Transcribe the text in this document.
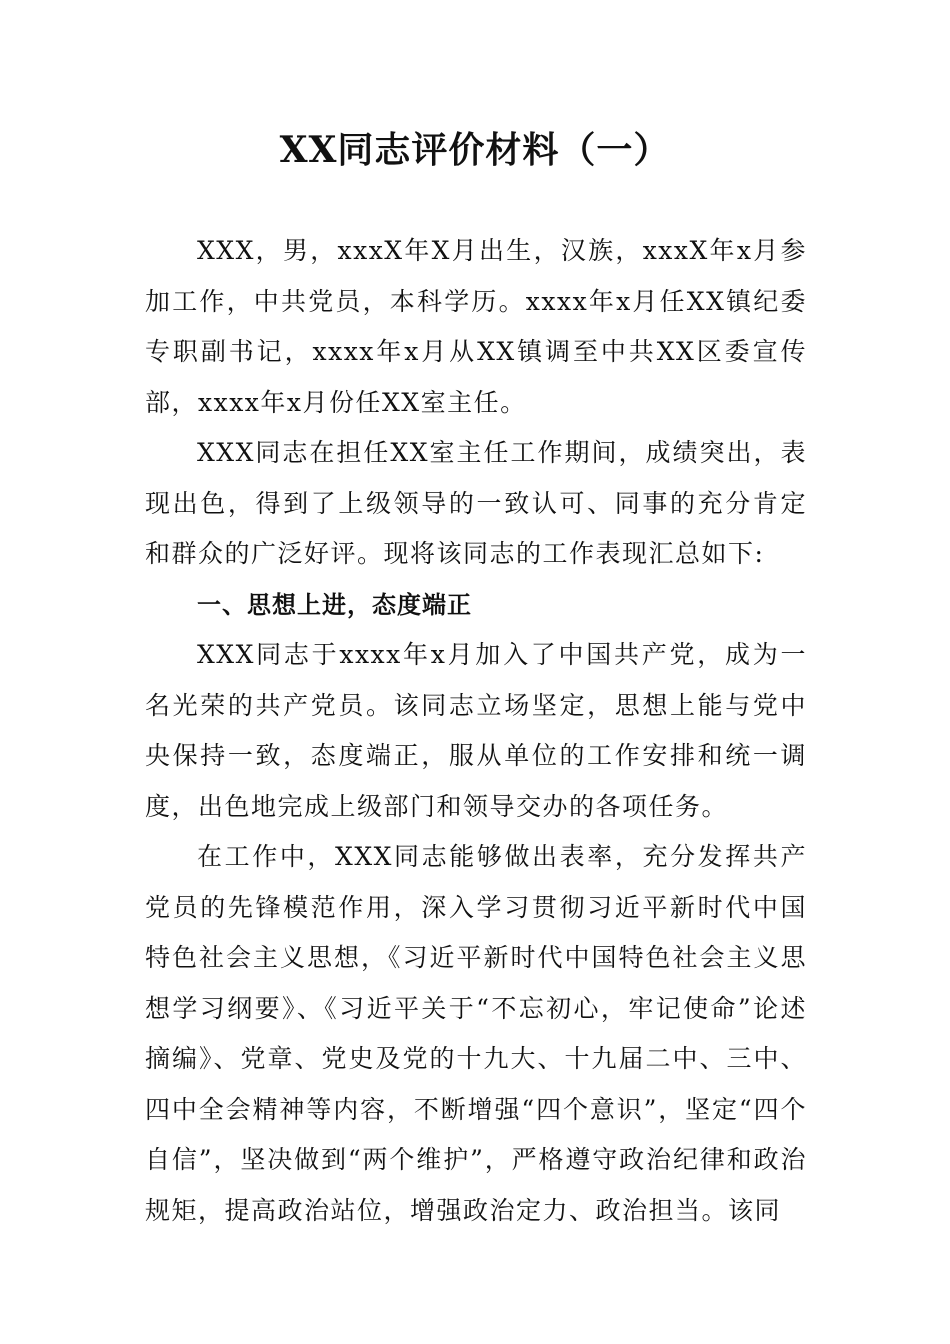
XX同志评价材料（一）

XXX，男，xxxX年X月出生，汉族，xxxX年x月参加工作，中共党员，本科学历。xxxx年x月任XX镇纪委专职副书记，xxxx年x月从XX镇调至中共XX区委宣传部，xxxx年x月份任XX室主任。

XXX同志在担任XX室主任工作期间，成绩突出，表现出色，得到了上级领导的一致认可、同事的充分肯定和群众的广泛好评。现将该同志的工作表现汇总如下:

一、思想上进，态度端正

XXX同志于xxxx年x月加入了中国共产党，成为一名光荣的共产党员。该同志立场坚定，思想上能与党中央保持一致，态度端正，服从单位的工作安排和统一调度，出色地完成上级部门和领导交办的各项任务。

在工作中，XXX同志能够做出表率，充分发挥共产党员的先锋模范作用，深入学习贯彻习近平新时代中国特色社会主义思想，《习近平新时代中国特色社会主义思想学习纲要》、《习近平关于“不忘初心，牢记使命”论述摘编》、党章、党史及党的十九大、十九届二中、三中、四中全会精神等内容，不断增强“四个意识”，坚定“四个自信”，坚决做到“两个维护”，严格遵守政治纪律和政治规矩，提高政治站位，增强政治定力、政治担当。该同
